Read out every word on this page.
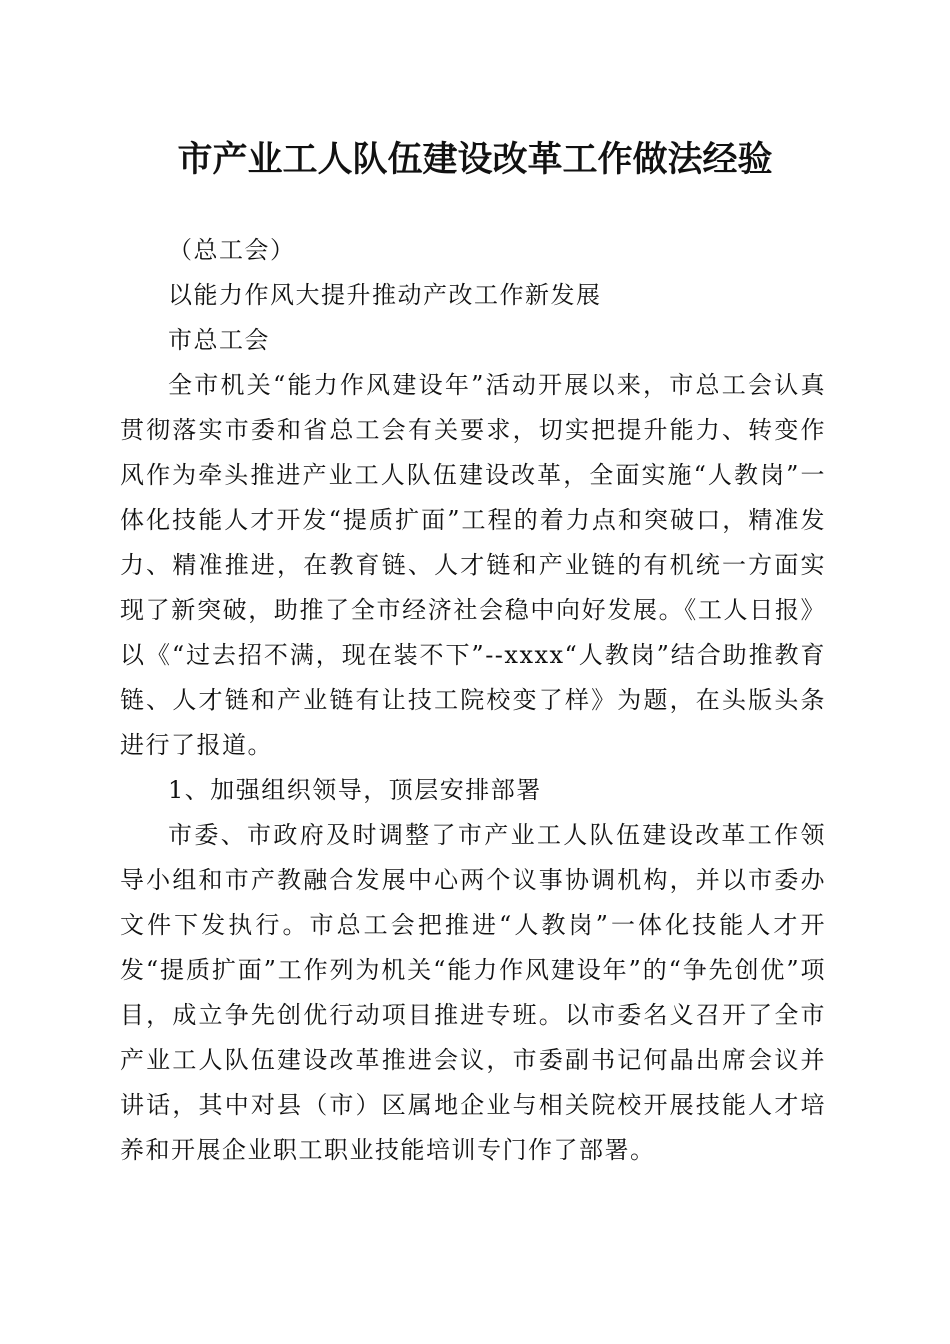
市产业工人队伍建设改革工作做法经验

（总工会）

以能力作风大提升推动产改工作新发展

市总工会

全市机关“能力作风建设年”活动开展以来，市总工会认真贯彻落实市委和省总工会有关要求，切实把提升能力、转变作风作为牵头推进产业工人队伍建设改革，全面实施“人教岗”一体化技能人才开发“提质扩面”工程的着力点和突破口，精准发力、精准推进，在教育链、人才链和产业链的有机统一方面实现了新突破，助推了全市经济社会稳中向好发展。《工人日报》以《“过去招不满，现在装不下”--xxxx“人教岗”结合助推教育链、人才链和产业链有让技工院校变了样》为题，在头版头条进行了报道。

1、加强组织领导，顶层安排部署

市委、市政府及时调整了市产业工人队伍建设改革工作领导小组和市产教融合发展中心两个议事协调机构，并以市委办文件下发执行。市总工会把推进“人教岗”一体化技能人才开发“提质扩面”工作列为机关“能力作风建设年”的“争先创优”项目，成立争先创优行动项目推进专班。以市委名义召开了全市产业工人队伍建设改革推进会议，市委副书记何晶出席会议并讲话，其中对县（市）区属地企业与相关院校开展技能人才培养和开展企业职工职业技能培训专门作了部署。
